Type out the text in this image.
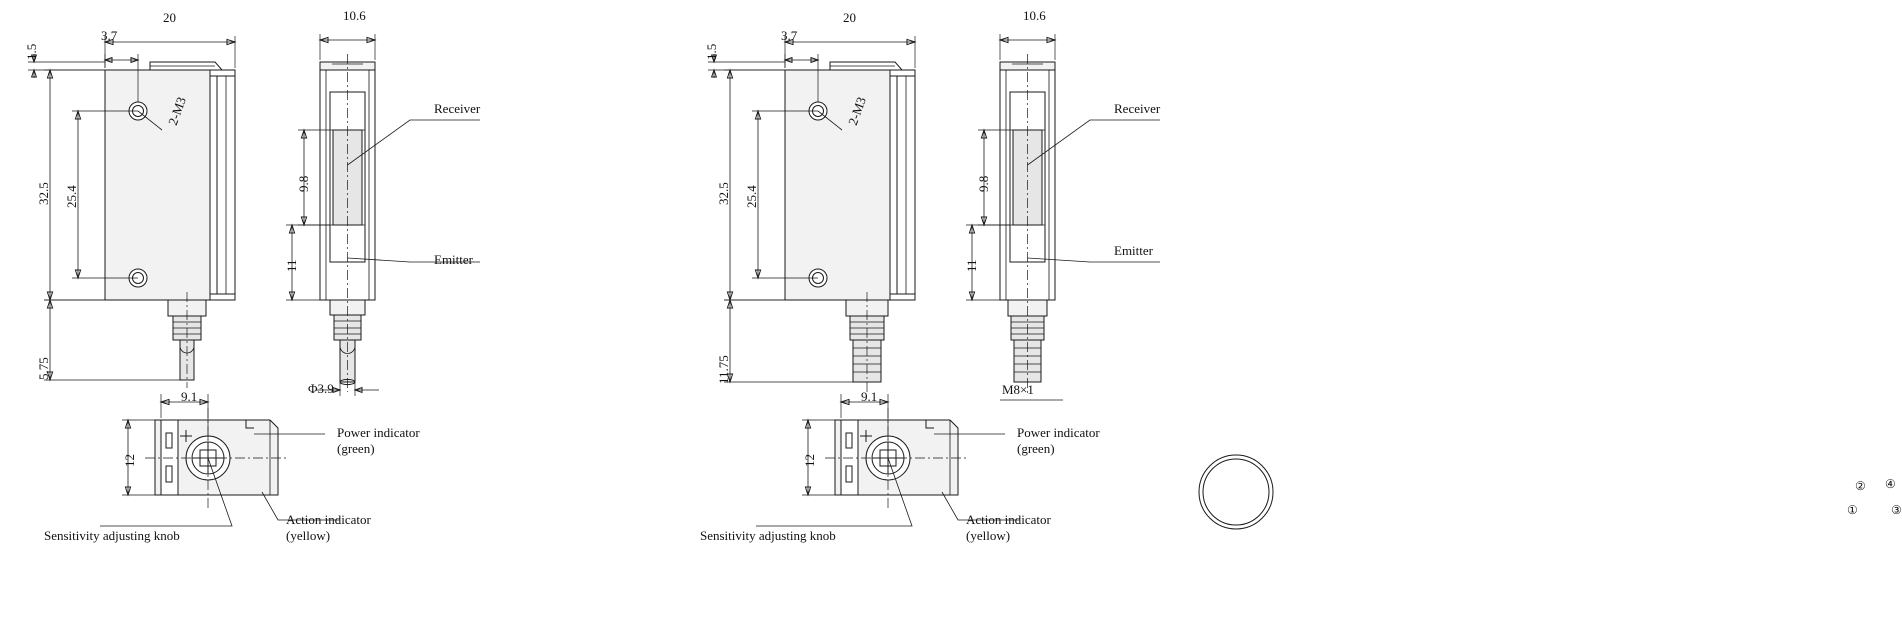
20
3.7
1.5
32.5 25.4
5.75
2-M3
10.6
9.8
11
Φ3.9
Receiver
Emitter
9.1
12
Power indicator
(green)
Action indicator
(yellow)
Sensitivity adjusting knob
20
3.7
1.5
32.5 25.4
11.75
2-M3
10.6
9.8
11
M8×1
Receiver
Emitter
9.1
12
Power indicator
(green)
Action indicator
(yellow)
Sensitivity adjusting knob
② ④
①	③
